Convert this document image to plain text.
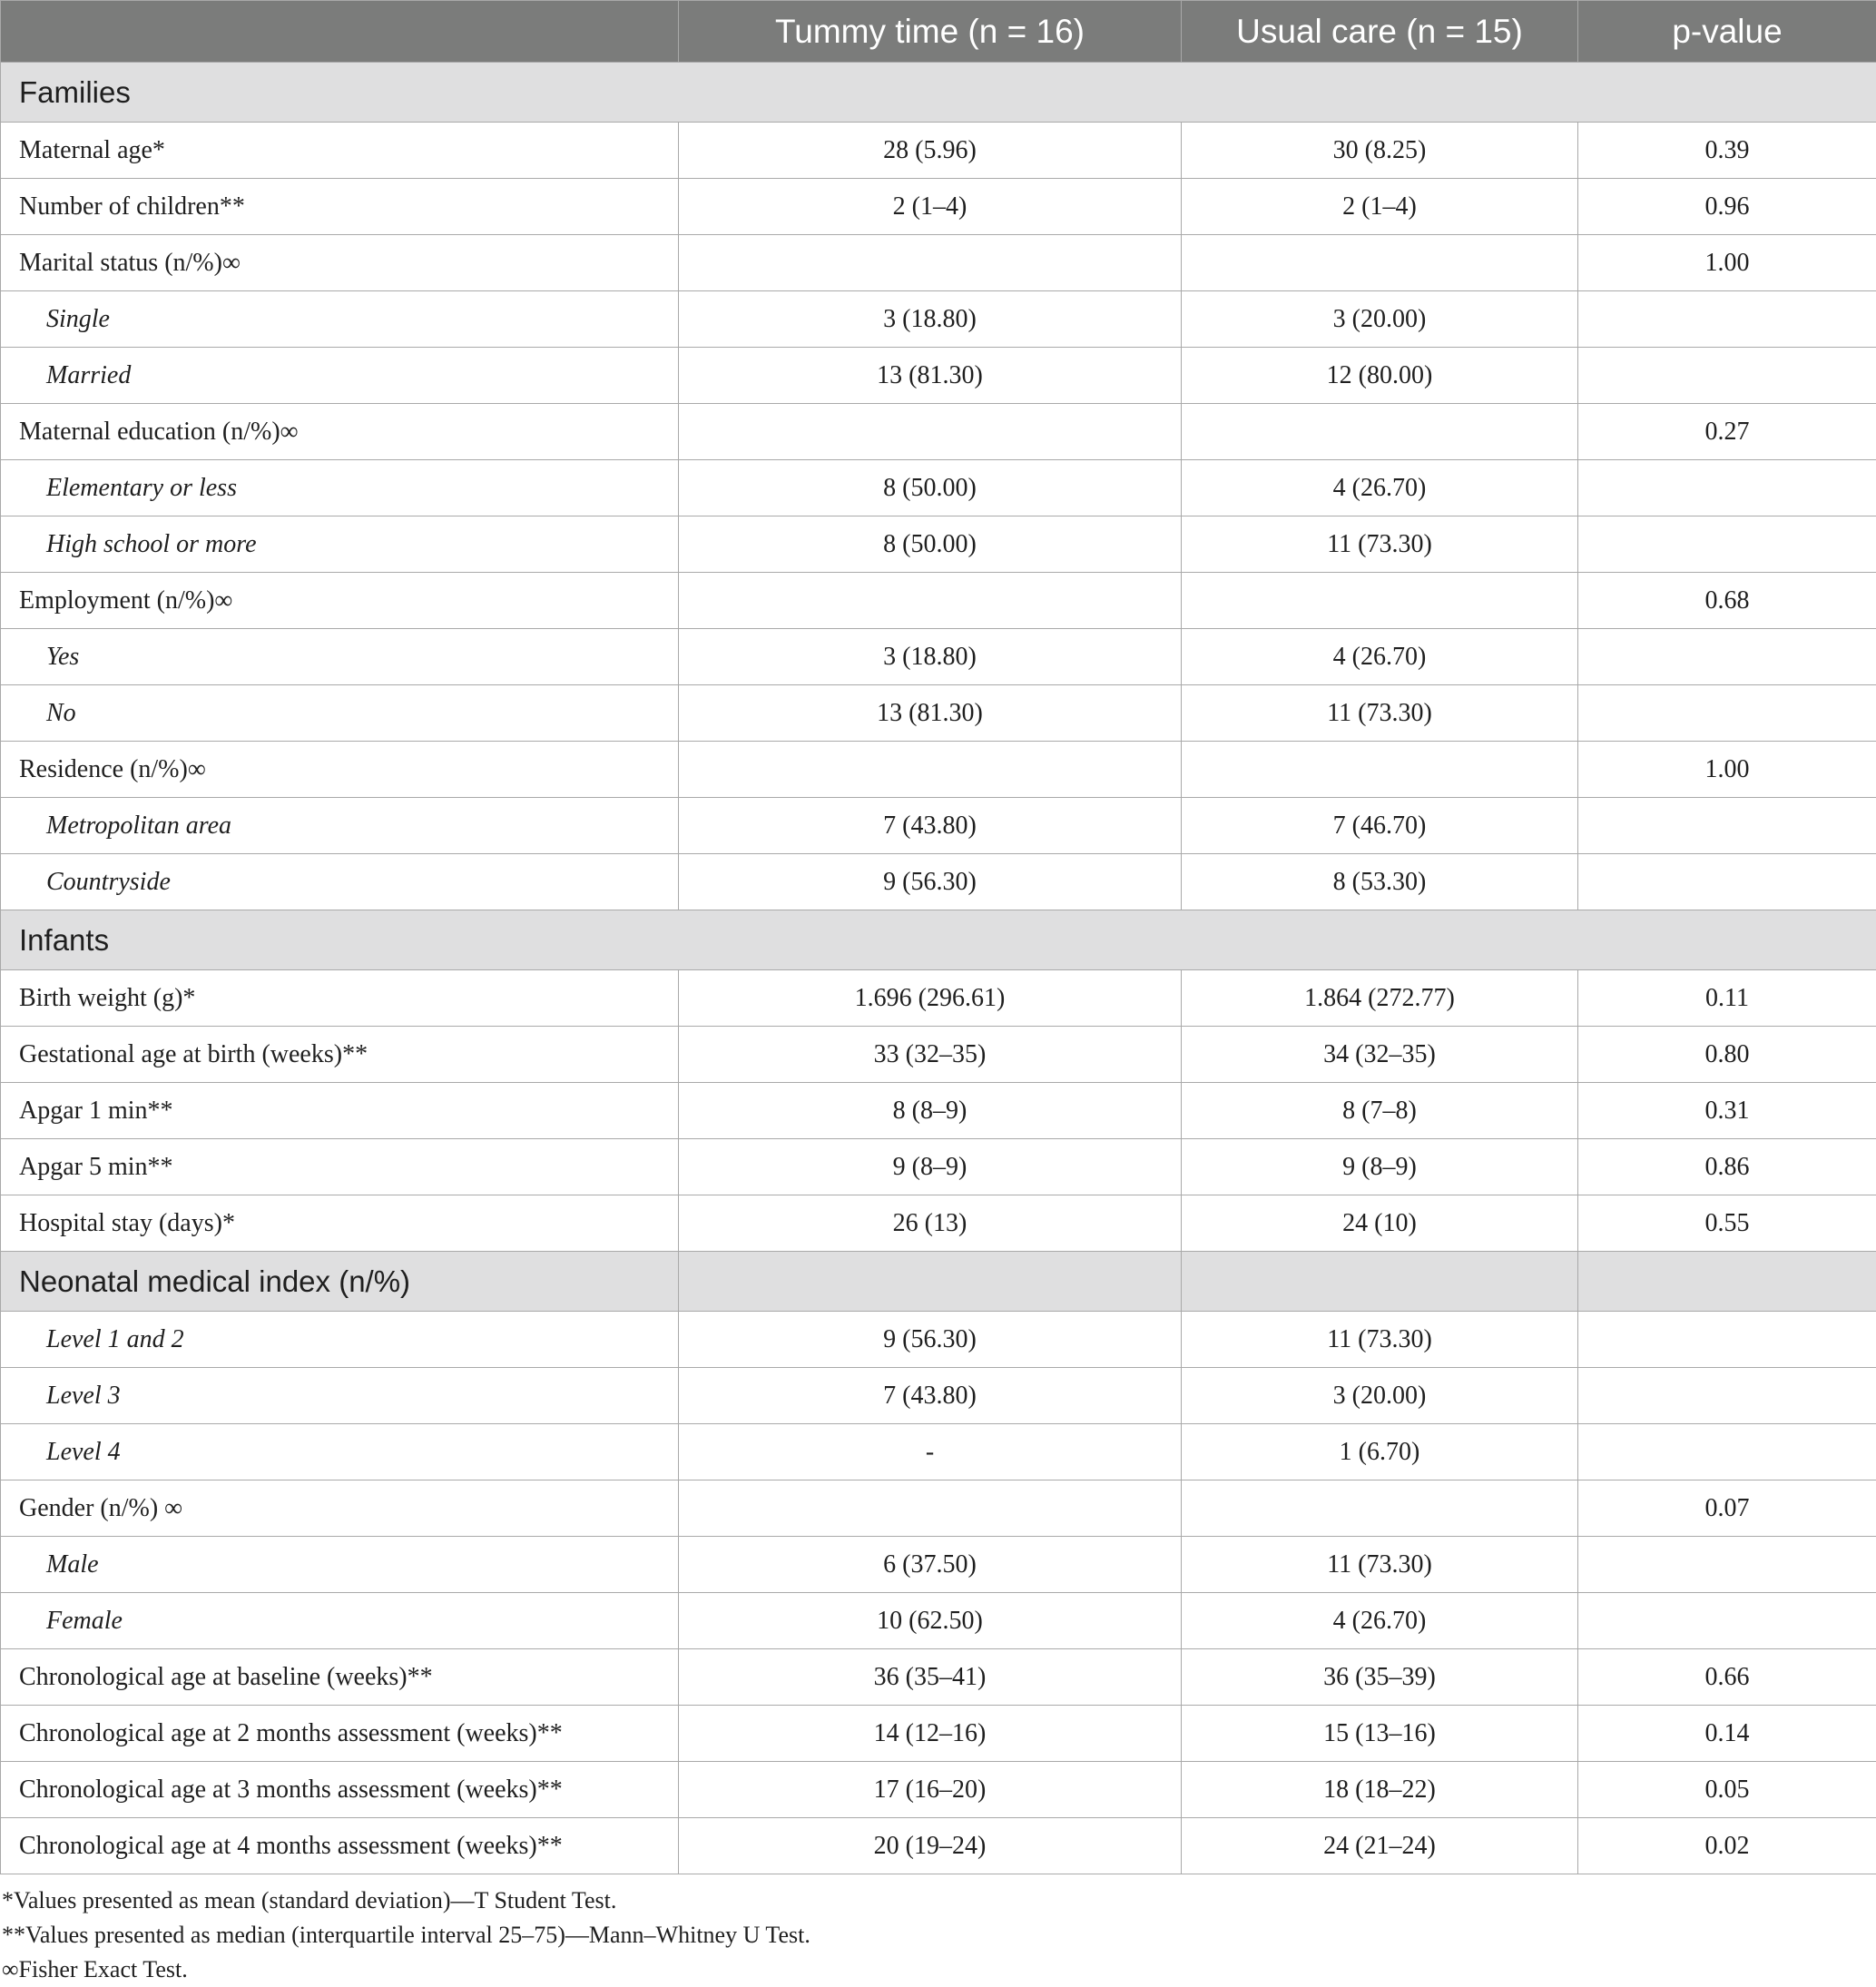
	Tummy time (n = 16)	Usual care (n = 15)	p-value
Families			
Maternal age*	28 (5.96)	30 (8.25)	0.39
Number of children**	2 (1–4)	2 (1–4)	0.96
Marital status (n/%)∞			1.00
Single	3 (18.80)	3 (20.00)	
Married	13 (81.30)	12 (80.00)	
Maternal education (n/%)∞			0.27
Elementary or less	8 (50.00)	4 (26.70)	
High school or more	8 (50.00)	11 (73.30)	
Employment (n/%)∞			0.68
Yes	3 (18.80)	4 (26.70)	
No	13 (81.30)	11 (73.30)	
Residence (n/%)∞			1.00
Metropolitan area	7 (43.80)	7 (46.70)	
Countryside	9 (56.30)	8 (53.30)	
Infants			
Birth weight (g)*	1.696 (296.61)	1.864 (272.77)	0.11
Gestational age at birth (weeks)**	33 (32–35)	34 (32–35)	0.80
Apgar 1 min**	8 (8–9)	8 (7–8)	0.31
Apgar 5 min**	9 (8–9)	9 (8–9)	0.86
Hospital stay (days)*	26 (13)	24 (10)	0.55
Neonatal medical index (n/%)			
Level 1 and 2	9 (56.30)	11 (73.30)	
Level 3	7 (43.80)	3 (20.00)	
Level 4	-	1 (6.70)	
Gender (n/%) ∞			0.07
Male	6 (37.50)	11 (73.30)	
Female	10 (62.50)	4 (26.70)	
Chronological age at baseline (weeks)**	36 (35–41)	36 (35–39)	0.66
Chronological age at 2 months assessment (weeks)**	14 (12–16)	15 (13–16)	0.14
Chronological age at 3 months assessment (weeks)**	17 (16–20)	18 (18–22)	0.05
Chronological age at 4 months assessment (weeks)**	20 (19–24)	24 (21–24)	0.02
*Values presented as mean (standard deviation)—T Student Test.
**Values presented as median (interquartile interval 25–75)—Mann–Whitney U Test.
∞Fisher Exact Test.
